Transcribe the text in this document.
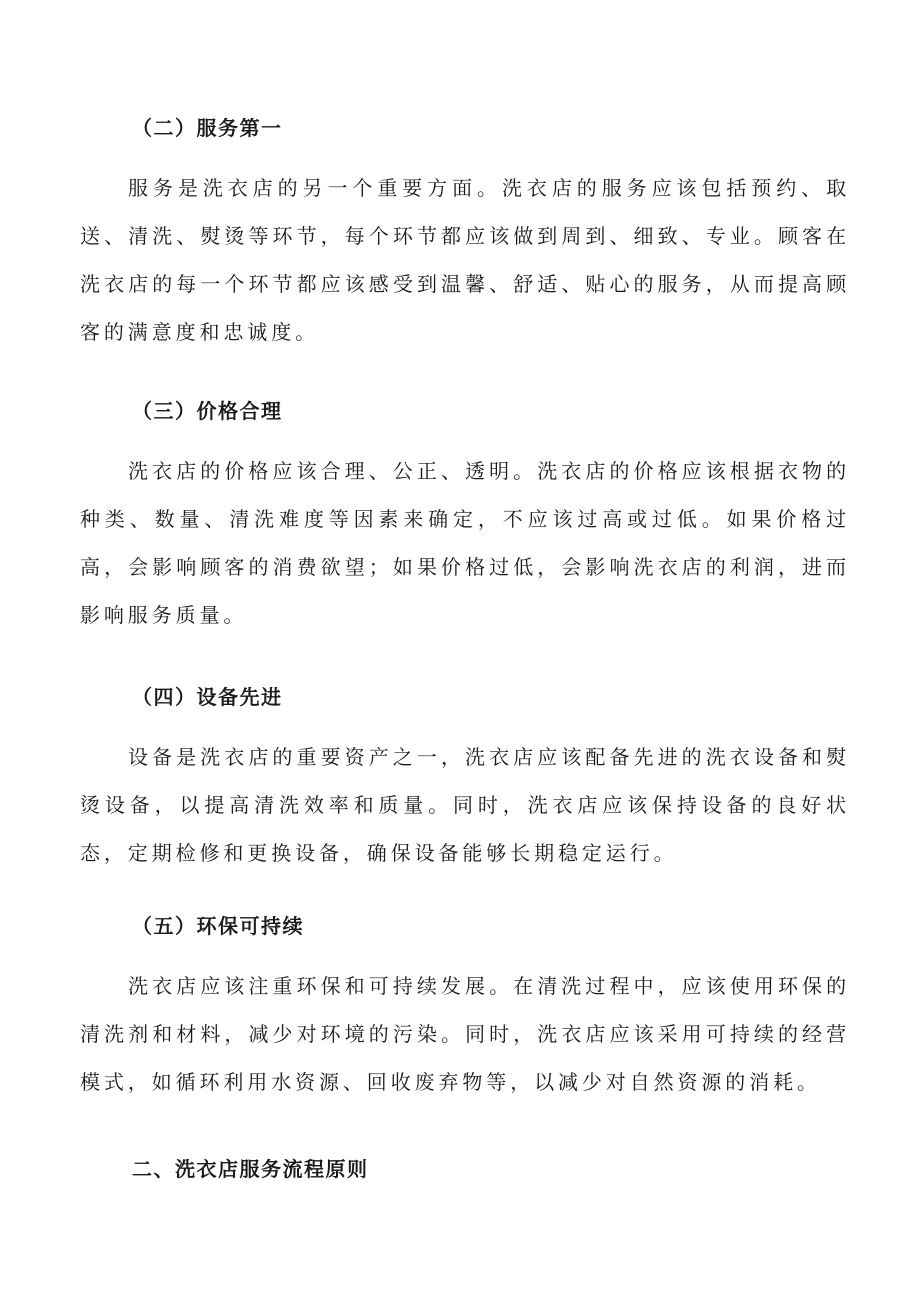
（二）服务第一

服务是洗衣店的另一个重要方面。洗衣店的服务应该包括预约、取送、清洗、熨烫等环节，每个环节都应该做到周到、细致、专业。顾客在洗衣店的每一个环节都应该感受到温馨、舒适、贴心的服务，从而提高顾客的满意度和忠诚度。

（三）价格合理

洗衣店的价格应该合理、公正、透明。洗衣店的价格应该根据衣物的种类、数量、清洗难度等因素来确定，不应该过高或过低。如果价格过高，会影响顾客的消费欲望；如果价格过低，会影响洗衣店的利润，进而影响服务质量。

（四）设备先进

设备是洗衣店的重要资产之一，洗衣店应该配备先进的洗衣设备和熨烫设备，以提高清洗效率和质量。同时，洗衣店应该保持设备的良好状态，定期检修和更换设备，确保设备能够长期稳定运行。

（五）环保可持续

洗衣店应该注重环保和可持续发展。在清洗过程中，应该使用环保的清洗剂和材料，减少对环境的污染。同时，洗衣店应该采用可持续的经营模式，如循环利用水资源、回收废弃物等，以减少对自然资源的消耗。

二、洗衣店服务流程原则
